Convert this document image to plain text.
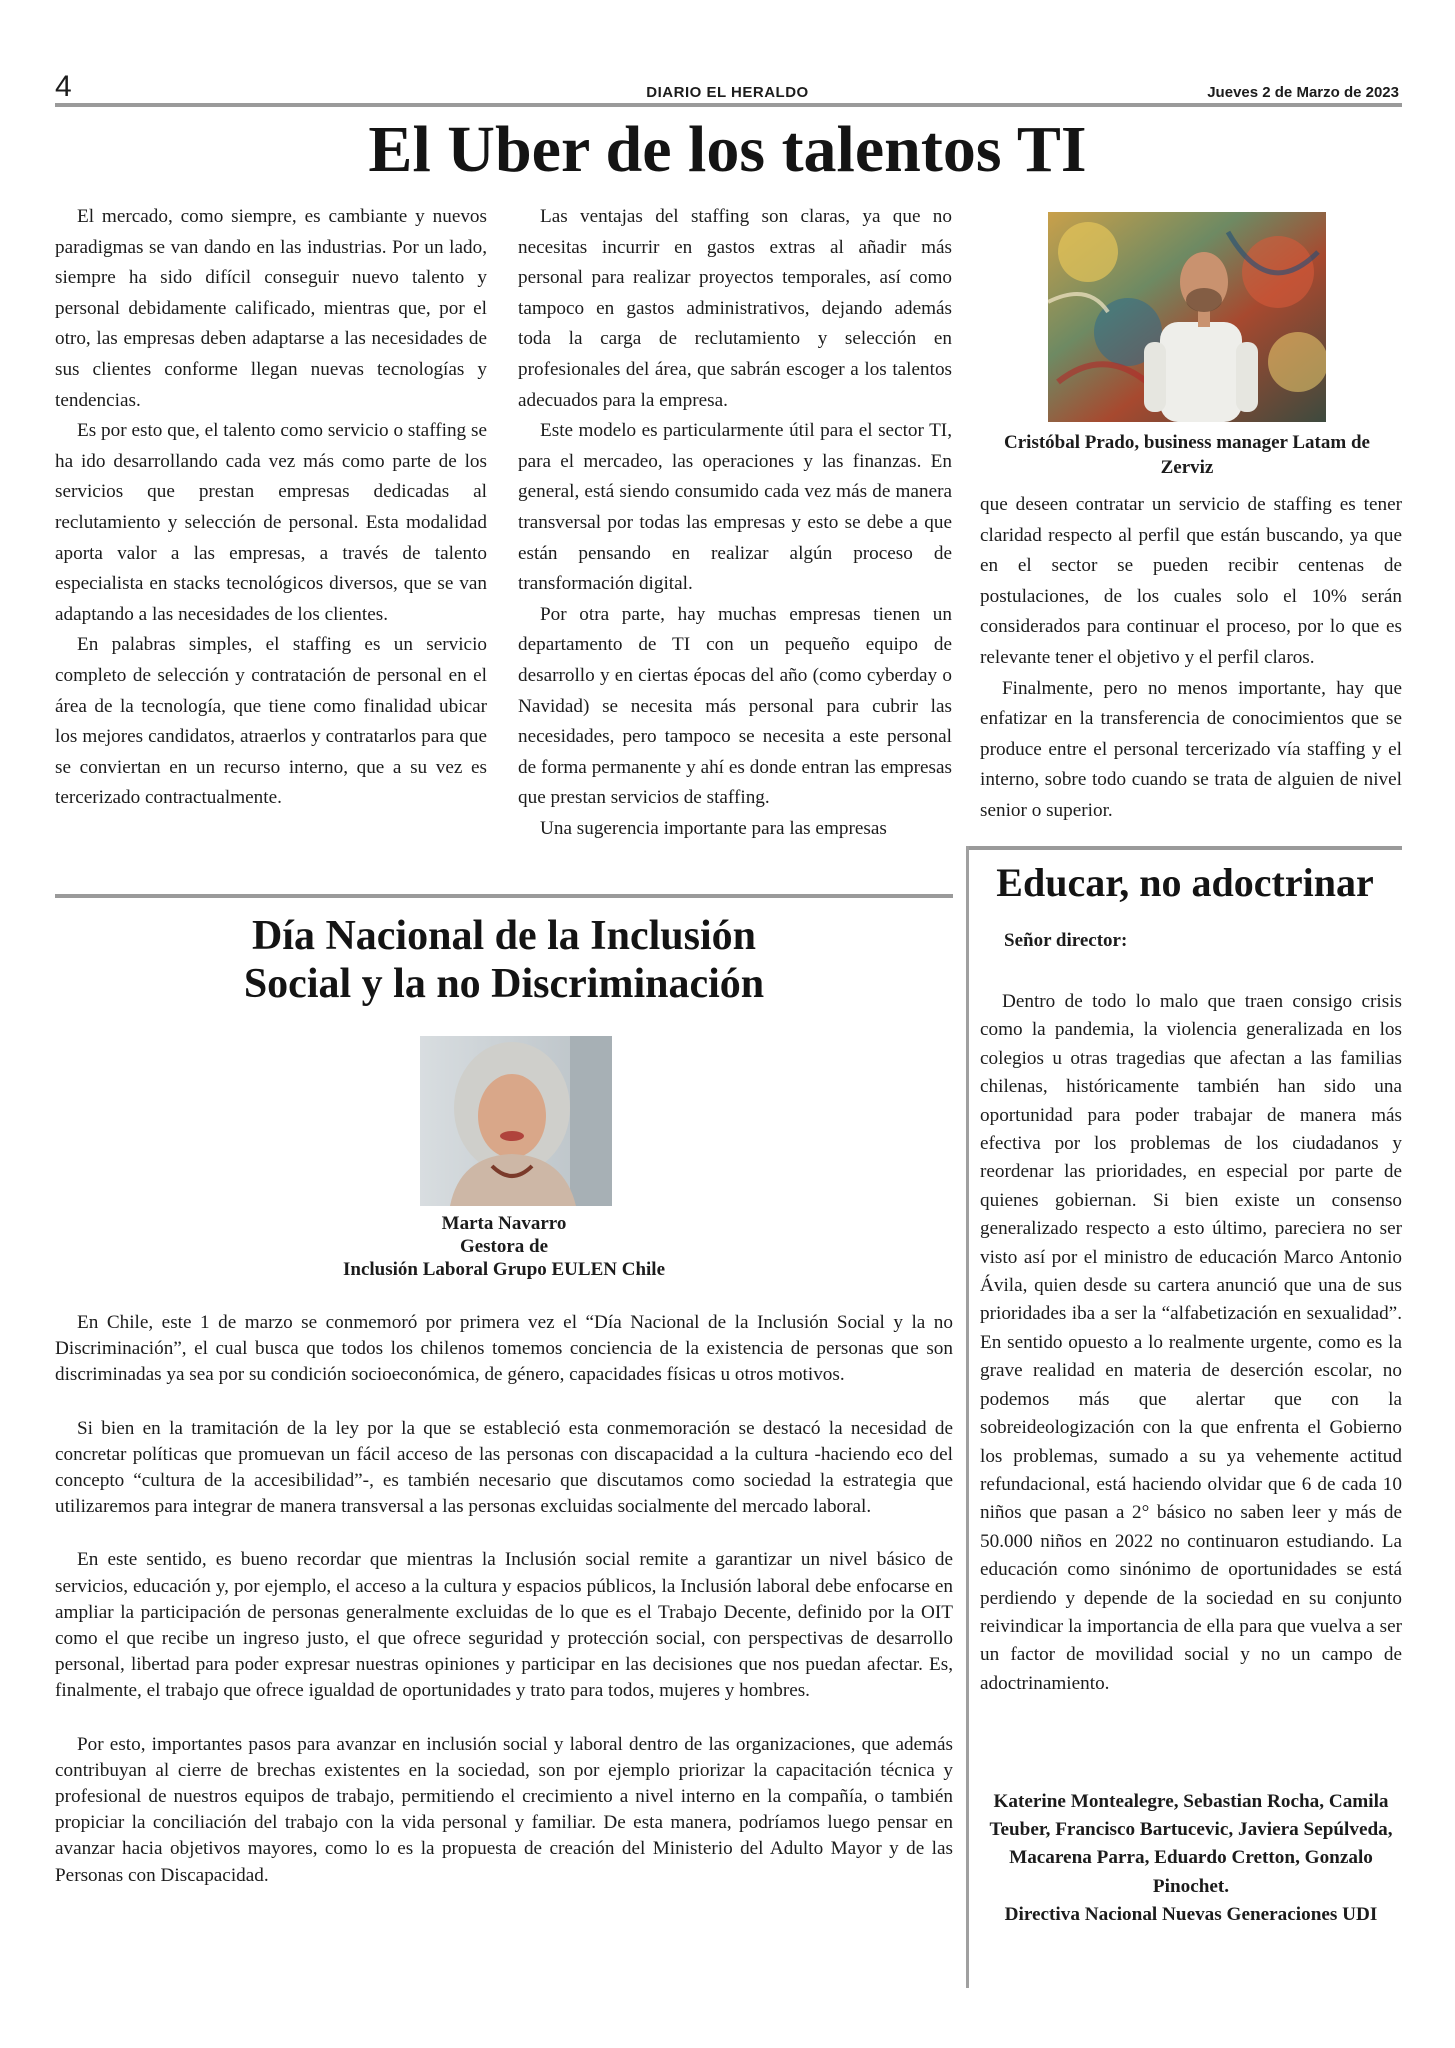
4	DIARIO EL HERALDO	Jueves 2 de Marzo de 2023
El Uber de los talentos TI

El mercado, como siempre, es cambiante y nuevos paradigmas se van dando en las industrias. Por un lado, siempre ha sido difícil conseguir nuevo talento y personal debidamente calificado, mientras que, por el otro, las empresas deben adaptarse a las necesidades de sus clientes conforme llegan nuevas tecnologías y tendencias.

Es por esto que, el talento como servicio o staffing se ha ido desarrollando cada vez más como parte de los servicios que prestan empresas dedicadas al reclutamiento y selección de personal. Esta modalidad aporta valor a las empresas, a través de talento especialista en stacks tecnológicos diversos, que se van adaptando a las necesidades de los clientes.

En palabras simples, el staffing es un servicio completo de selección y contratación de personal en el área de la tecnología, que tiene como finalidad ubicar los mejores candidatos, atraerlos y contratarlos para que se conviertan en un recurso interno, que a su vez es tercerizado contractualmente.

Las ventajas del staffing son claras, ya que no necesitas incurrir en gastos extras al añadir más personal para realizar proyectos temporales, así como tampoco en gastos administrativos, dejando además toda la carga de reclutamiento y selección en profesionales del área, que sabrán escoger a los talentos adecuados para la empresa.

Este modelo es particularmente útil para el sector TI, para el mercadeo, las operaciones y las finanzas. En general, está siendo consumido cada vez más de manera transversal por todas las empresas y esto se debe a que están pensando en realizar algún proceso de transformación digital.

Por otra parte, hay muchas empresas tienen un departamento de TI con un pequeño equipo de desarrollo y en ciertas épocas del año (como cyberday o Navidad) se necesita más personal para cubrir las necesidades, pero tampoco se necesita a este personal de forma permanente y ahí es donde entran las empresas que prestan servicios de staffing.

Una sugerencia importante para las empresas

Cristóbal Prado, business manager Latam de Zerviz

que deseen contratar un servicio de staffing es tener claridad respecto al perfil que están buscando, ya que en el sector se pueden recibir centenas de postulaciones, de los cuales solo el 10% serán considerados para continuar el proceso, por lo que es relevante tener el objetivo y el perfil claros.

Finalmente, pero no menos importante, hay que enfatizar en la transferencia de conocimientos que se produce entre el personal tercerizado vía staffing y el interno, sobre todo cuando se trata de alguien de nivel senior o superior.

Día Nacional de la Inclusión
Social y la no Discriminación
Marta Navarro
Gestora de
Inclusión Laboral Grupo EULEN Chile

En Chile, este 1 de marzo se conmemoró por primera vez el “Día Nacional de la Inclusión Social y la no Discriminación”, el cual busca que todos los chilenos tomemos conciencia de la existencia de personas que son discriminadas ya sea por su condición socioeconómica, de género, capacidades físicas u otros motivos.

Si bien en la tramitación de la ley por la que se estableció esta conmemoración se destacó la necesidad de concretar políticas que promuevan un fácil acceso de las personas con discapacidad a la cultura -haciendo eco del concepto “cultura de la accesibilidad”-, es también necesario que discutamos como sociedad la estrategia que utilizaremos para integrar de manera transversal a las personas excluidas socialmente del mercado laboral.

En este sentido, es bueno recordar que mientras la Inclusión social remite a garantizar un nivel básico de servicios, educación y, por ejemplo, el acceso a la cultura y espacios públicos, la Inclusión laboral debe enfocarse en ampliar la participación de personas generalmente excluidas de lo que es el Trabajo Decente, definido por la OIT como el que recibe un ingreso justo, el que ofrece seguridad y protección social, con perspectivas de desarrollo personal, libertad para poder expresar nuestras opiniones y participar en las decisiones que nos puedan afectar. Es, finalmente, el trabajo que ofrece igualdad de oportunidades y trato para todos, mujeres y hombres.

Por esto, importantes pasos para avanzar en inclusión social y laboral dentro de las organizaciones, que además contribuyan al cierre de brechas existentes en la sociedad, son por ejemplo priorizar la capacitación técnica y profesional de nuestros equipos de trabajo, permitiendo el crecimiento a nivel interno en la compañía, o también propiciar la conciliación del trabajo con la vida personal y familiar. De esta manera, podríamos luego pensar en avanzar hacia objetivos mayores, como lo es la propuesta de creación del Ministerio del Adulto Mayor y de las Personas con Discapacidad.

Educar, no adoctrinar
Señor director:

Dentro de todo lo malo que traen consigo crisis como la pandemia, la violencia generalizada en los colegios u otras tragedias que afectan a las familias chilenas, históricamente también han sido una oportunidad para poder trabajar de manera más efectiva por los problemas de los ciudadanos y reordenar las prioridades, en especial por parte de quienes gobiernan. Si bien existe un consenso generalizado respecto a esto último, pareciera no ser visto así por el ministro de educación Marco Antonio Ávila, quien desde su cartera anunció que una de sus prioridades iba a ser la “alfabetización en sexualidad”. En sentido opuesto a lo realmente urgente, como es la grave realidad en materia de deserción escolar, no podemos más que alertar que con la sobreideologización con la que enfrenta el Gobierno los problemas, sumado a su ya vehemente actitud refundacional, está haciendo olvidar que 6 de cada 10 niños que pasan a 2° básico no saben leer y más de 50.000 niños en 2022 no continuaron estudiando. La educación como sinónimo de oportunidades se está perdiendo y depende de la sociedad en su conjunto reivindicar la importancia de ella para que vuelva a ser un factor de movilidad social y no un campo de adoctrinamiento.

Katerine Montealegre, Sebastian Rocha, Camila Teuber, Francisco Bartucevic, Javiera Sepúlveda, Macarena Parra, Eduardo Cretton, Gonzalo Pinochet.
Directiva Nacional Nuevas Generaciones UDI
